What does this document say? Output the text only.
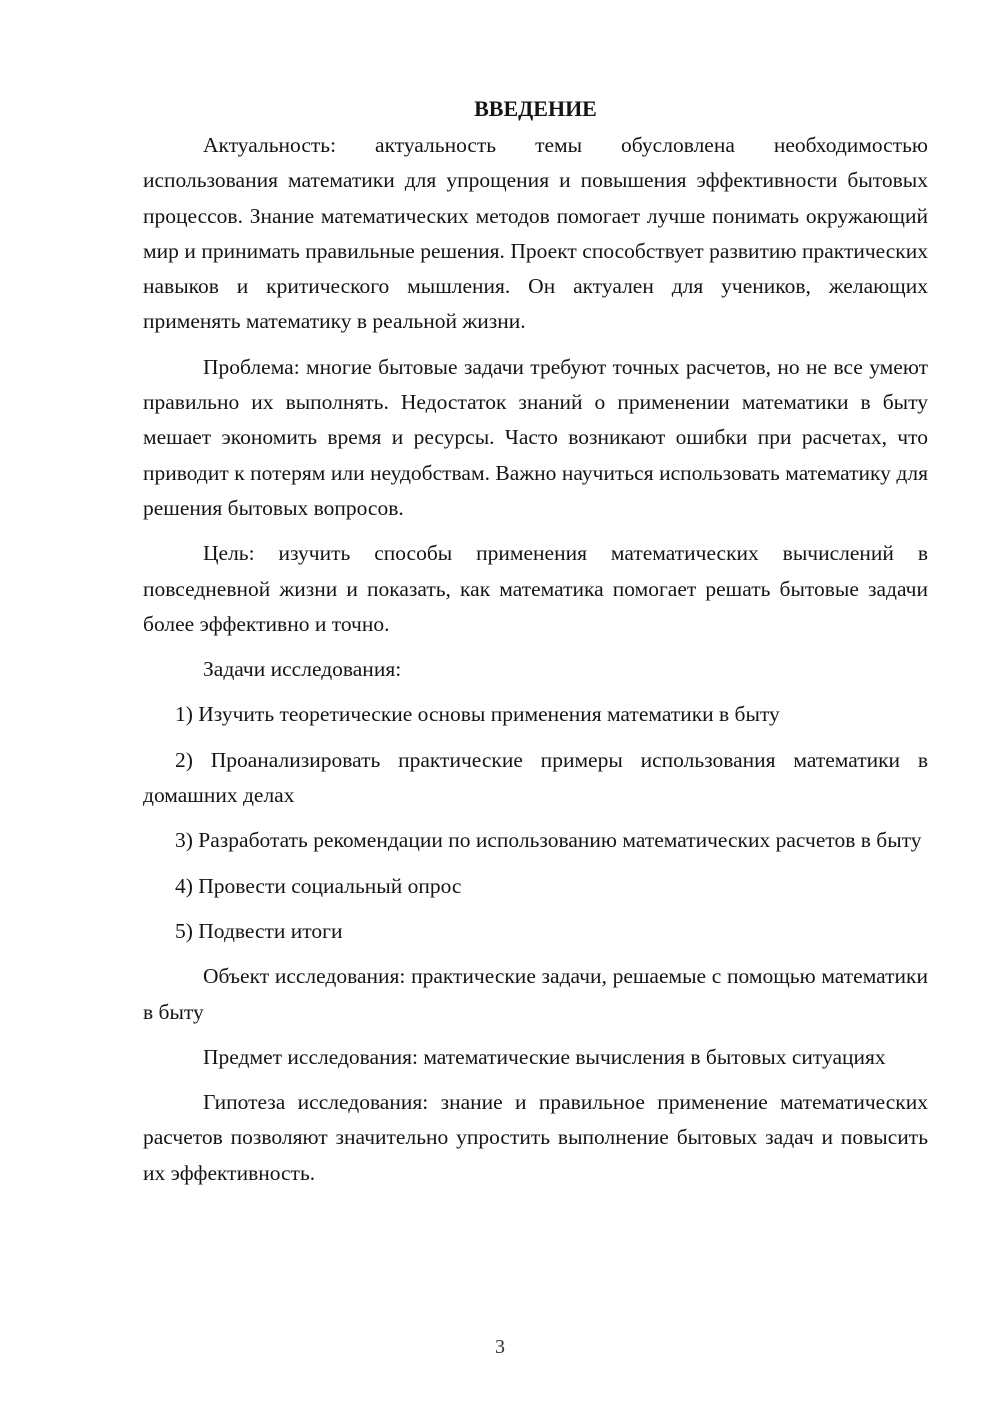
ВВЕДЕНИЕ

Актуальность: актуальность темы обусловлена необходимостью использования математики для упрощения и повышения эффективности бытовых процессов. Знание математических методов помогает лучше понимать окружающий мир и принимать правильные решения. Проект способствует развитию практических навыков и критического мышления. Он актуален для учеников, желающих применять математику в реальной жизни.

Проблема: многие бытовые задачи требуют точных расчетов, но не все умеют правильно их выполнять. Недостаток знаний о применении математики в быту мешает экономить время и ресурсы. Часто возникают ошибки при расчетах, что приводит к потерям или неудобствам. Важно научиться использовать математику для решения бытовых вопросов.

Цель: изучить способы применения математических вычислений в повседневной жизни и показать, как математика помогает решать бытовые задачи более эффективно и точно.

Задачи исследования:

1) Изучить теоретические основы применения математики в быту

2) Проанализировать практические примеры использования математики в домашних делах

3) Разработать рекомендации по использованию математических расчетов в быту

4) Провести социальный опрос

5) Подвести итоги

Объект исследования: практические задачи, решаемые с помощью математики в быту

Предмет исследования: математические вычисления в бытовых ситуациях

Гипотеза исследования: знание и правильное применение математических расчетов позволяют значительно упростить выполнение бытовых задач и повысить их эффективность.

3
